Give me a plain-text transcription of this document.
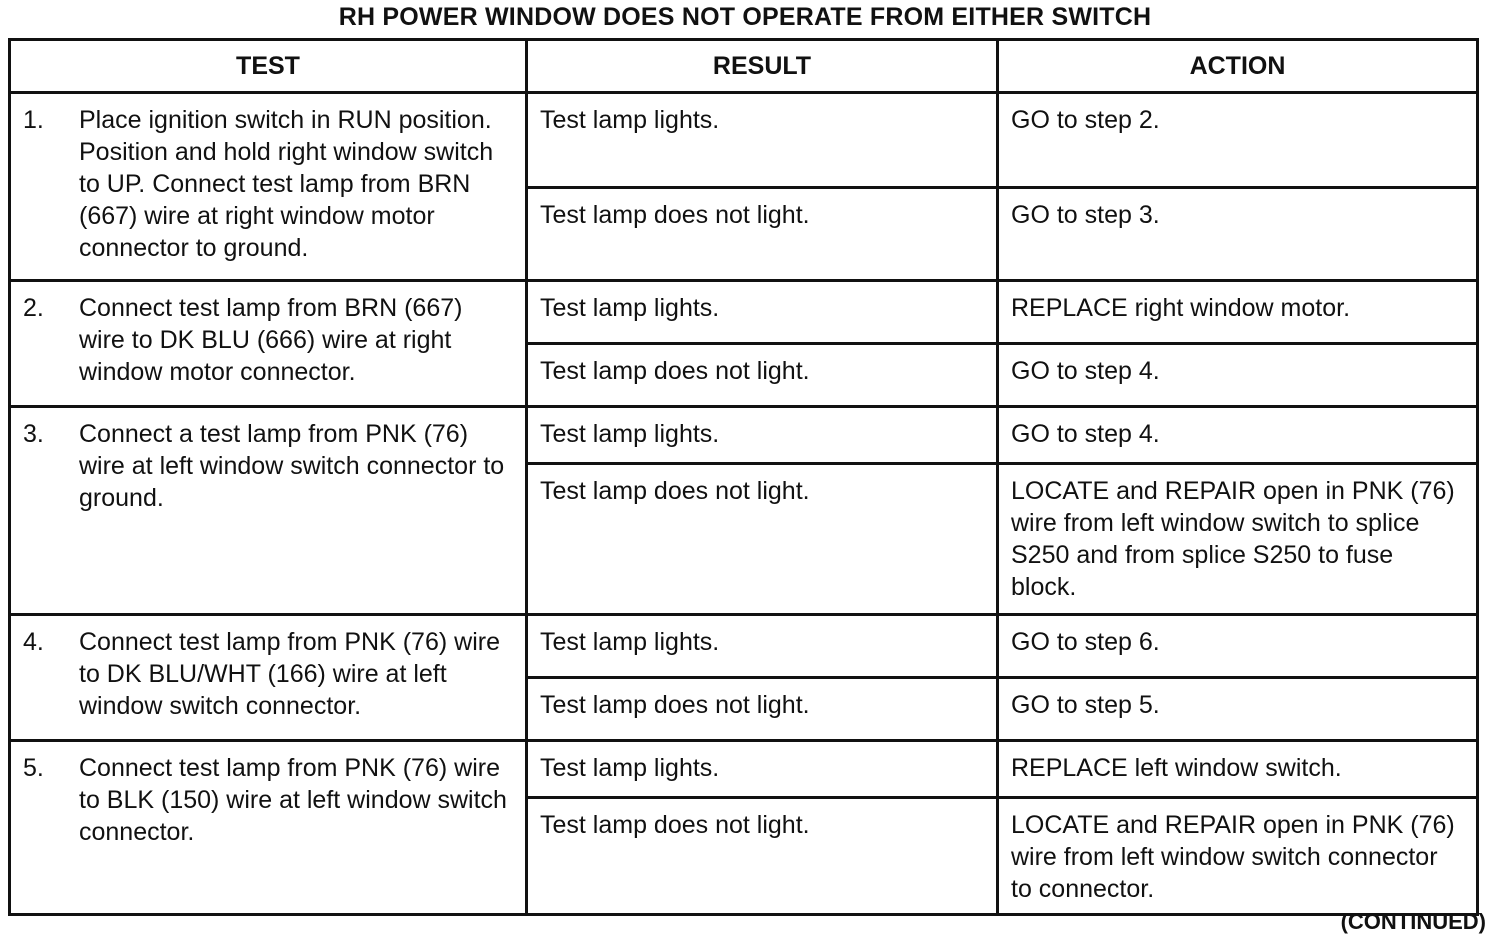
RH POWER WINDOW DOES NOT OPERATE FROM EITHER SWITCH
TEST	RESULT	ACTION

1. Place ignition switch in RUN position. Position and hold right window switch to UP. Connect test lamp from BRN (667) wire at right window motor connector to ground.	Test lamp lights.	GO to step 2.
	Test lamp does not light.	GO to step 3.

2. Connect test lamp from BRN (667) wire to DK BLU (666) wire at right window motor connector.	Test lamp lights.	REPLACE right window motor.
	Test lamp does not light.	GO to step 4.

3. Connect a test lamp from PNK (76) wire at left window switch connector to ground.	Test lamp lights.	GO to step 4.
	Test lamp does not light.	LOCATE and REPAIR open in PNK (76) wire from left window switch to splice S250 and from splice S250 to fuse block.

4. Connect test lamp from PNK (76) wire to DK BLU/WHT (166) wire at left window switch connector.	Test lamp lights.	GO to step 6.
	Test lamp does not light.	GO to step 5.

5. Connect test lamp from PNK (76) wire to BLK (150) wire at left window switch connector.	Test lamp lights.	REPLACE left window switch.
	Test lamp does not light.	LOCATE and REPAIR open in PNK (76) wire from left window switch connector to connector.
(CONTINUED)
